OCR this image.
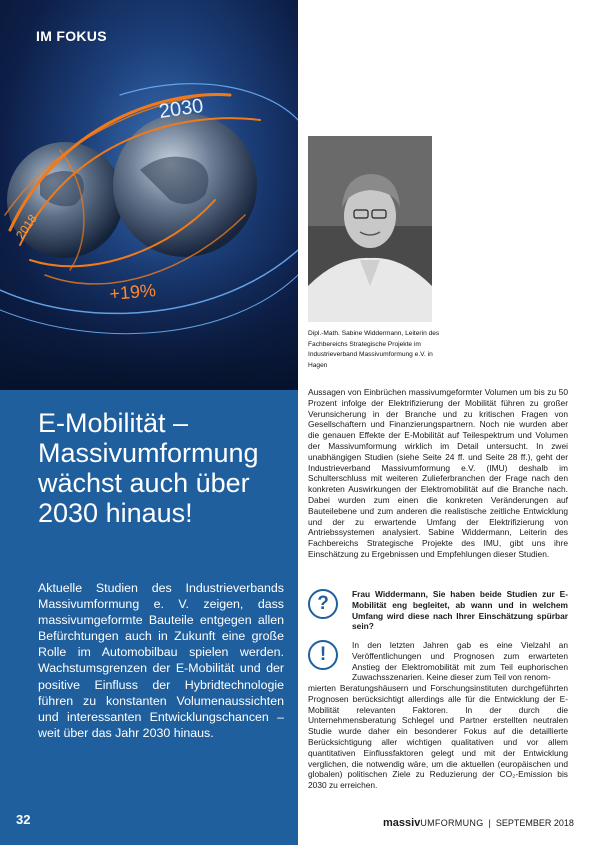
2030
2018
+19%
IM FOKUS
E-Mobilität –
Massivumformung
wächst auch über
2030 hinaus!

Aktuelle Studien des Industrieverbands Massivumformung e. V. zeigen, dass massivumgeformte Bauteile entgegen allen Befürchtungen auch in Zukunft eine große Rolle im Automobilbau spielen werden. Wachstumsgrenzen der E-Mobilität und der positive Einfluss der Hybridtechnologie führen zu konstanten Volumenaussichten und interessanten Entwicklungschancen – weit über das Jahr 2030 hinaus.

32
Dipl.-Math. Sabine Widdermann, Leiterin des Fachbereichs Strategische Projekte im Industrieverband Massivumformung e.V. in Hagen

Aussagen von Einbrüchen massivumgeformter Volumen um bis zu 50 Prozent infolge der Elektrifizierung der Mobilität führen zu großer Verunsicherung in der Branche und zu kritischen Fragen von Gesellschaftern und Finanzierungspartnern. Noch nie wurden aber die genauen Effekte der E-Mobilität auf Teilespektrum und Volumen der Massivumformung wirklich im Detail untersucht. In zwei unabhängigen Studien (siehe Seite 24 ff. und Seite 28 ff.), geht der Industrieverband Massivumformung e.V. (IMU) deshalb im Schulterschluss mit weiteren Zulieferbranchen der Frage nach den konkreten Auswirkungen der Elektromobilität auf die Branche nach. Dabei wurden zum einen die konkreten Veränderungen auf Bauteilebene und zum anderen die realistische zeitliche Entwicklung und der zu erwartende Umfang der Elektrifizierung von Antriebssystemen analysiert. Sabine Widdermann, Leiterin des Fachbereichs Strategische Projekte des IMU, gibt uns ihre Einschätzung zu Ergebnissen und Empfehlungen dieser Studien.

?	Frau Widdermann, Sie haben beide Studien zur E-Mobilität eng begleitet, ab wann und in welchem Umfang wird diese nach Ihrer Einschätzung spürbar sein?

!	In den letzten Jahren gab es eine Vielzahl an Veröffentlichungen und Prognosen zum erwarteten Anstieg der Elektromobilität mit zum Teil euphorischen Zuwachsszenarien. Keine dieser zum Teil von renom-

mierten Beratungshäusern und Forschungsinstituten durchgeführten Prognosen berücksichtigt allerdings alle für die Entwicklung der E-Mobilität relevanten Faktoren. In der durch die Unternehmensberatung Schlegel und Partner erstellten neutralen Studie wurde daher ein besonderer Fokus auf die detaillierte Berücksichtigung aller wichtigen qualitativen und vor allem quantitativen Einflussfaktoren gelegt und mit der Entwicklung verglichen, die notwendig wäre, um die aktuellen (europäischen und globalen) politischen Ziele zu Reduzierung der CO₂-Emission bis 2030 zu erreichen.

massivUMFORMUNG | SEPTEMBER 2018
